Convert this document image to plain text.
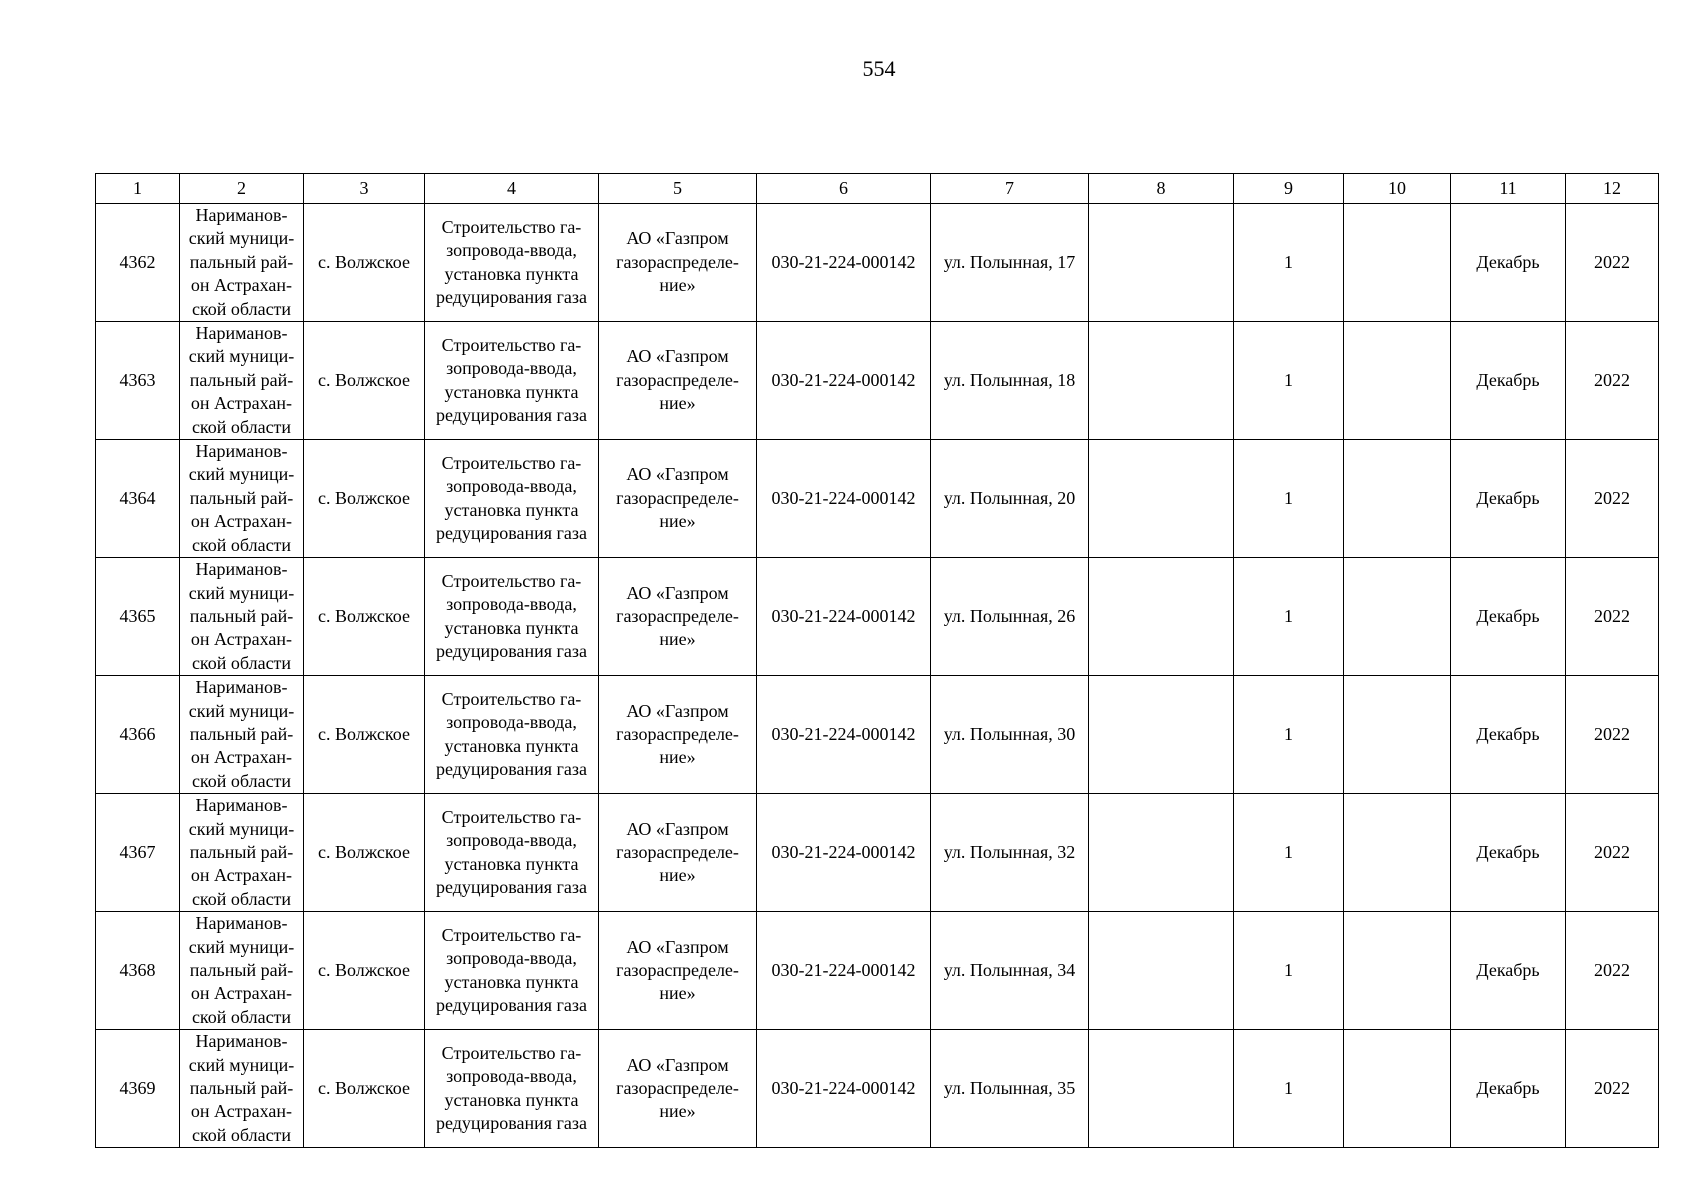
554
1	2	3	4	5	6	7	8	9	10	11	12

4362	Нариманов-
ский муници-
пальный рай-
он Астрахан-
ской области	с. Волжское	Строительство га-
зопровода-ввода,
установка пункта
редуцирования газа	АО «Газпром
газораспределе-
ние»	030-21-224-000142	ул. Полынная, 17		1		Декабрь	2022

4363	Нариманов-
ский муници-
пальный рай-
он Астрахан-
ской области	с. Волжское	Строительство га-
зопровода-ввода,
установка пункта
редуцирования газа	АО «Газпром
газораспределе-
ние»	030-21-224-000142	ул. Полынная, 18		1		Декабрь	2022

4364	Нариманов-
ский муници-
пальный рай-
он Астрахан-
ской области	с. Волжское	Строительство га-
зопровода-ввода,
установка пункта
редуцирования газа	АО «Газпром
газораспределе-
ние»	030-21-224-000142	ул. Полынная, 20		1		Декабрь	2022

4365	Нариманов-
ский муници-
пальный рай-
он Астрахан-
ской области	с. Волжское	Строительство га-
зопровода-ввода,
установка пункта
редуцирования газа	АО «Газпром
газораспределе-
ние»	030-21-224-000142	ул. Полынная, 26		1		Декабрь	2022

4366	Нариманов-
ский муници-
пальный рай-
он Астрахан-
ской области	с. Волжское	Строительство га-
зопровода-ввода,
установка пункта
редуцирования газа	АО «Газпром
газораспределе-
ние»	030-21-224-000142	ул. Полынная, 30		1		Декабрь	2022

4367	Нариманов-
ский муници-
пальный рай-
он Астрахан-
ской области	с. Волжское	Строительство га-
зопровода-ввода,
установка пункта
редуцирования газа	АО «Газпром
газораспределе-
ние»	030-21-224-000142	ул. Полынная, 32		1		Декабрь	2022

4368	Нариманов-
ский муници-
пальный рай-
он Астрахан-
ской области	с. Волжское	Строительство га-
зопровода-ввода,
установка пункта
редуцирования газа	АО «Газпром
газораспределе-
ние»	030-21-224-000142	ул. Полынная, 34		1		Декабрь	2022

4369	Нариманов-
ский муници-
пальный рай-
он Астрахан-
ской области	с. Волжское	Строительство га-
зопровода-ввода,
установка пункта
редуцирования газа	АО «Газпром
газораспределе-
ние»	030-21-224-000142	ул. Полынная, 35		1		Декабрь	2022
